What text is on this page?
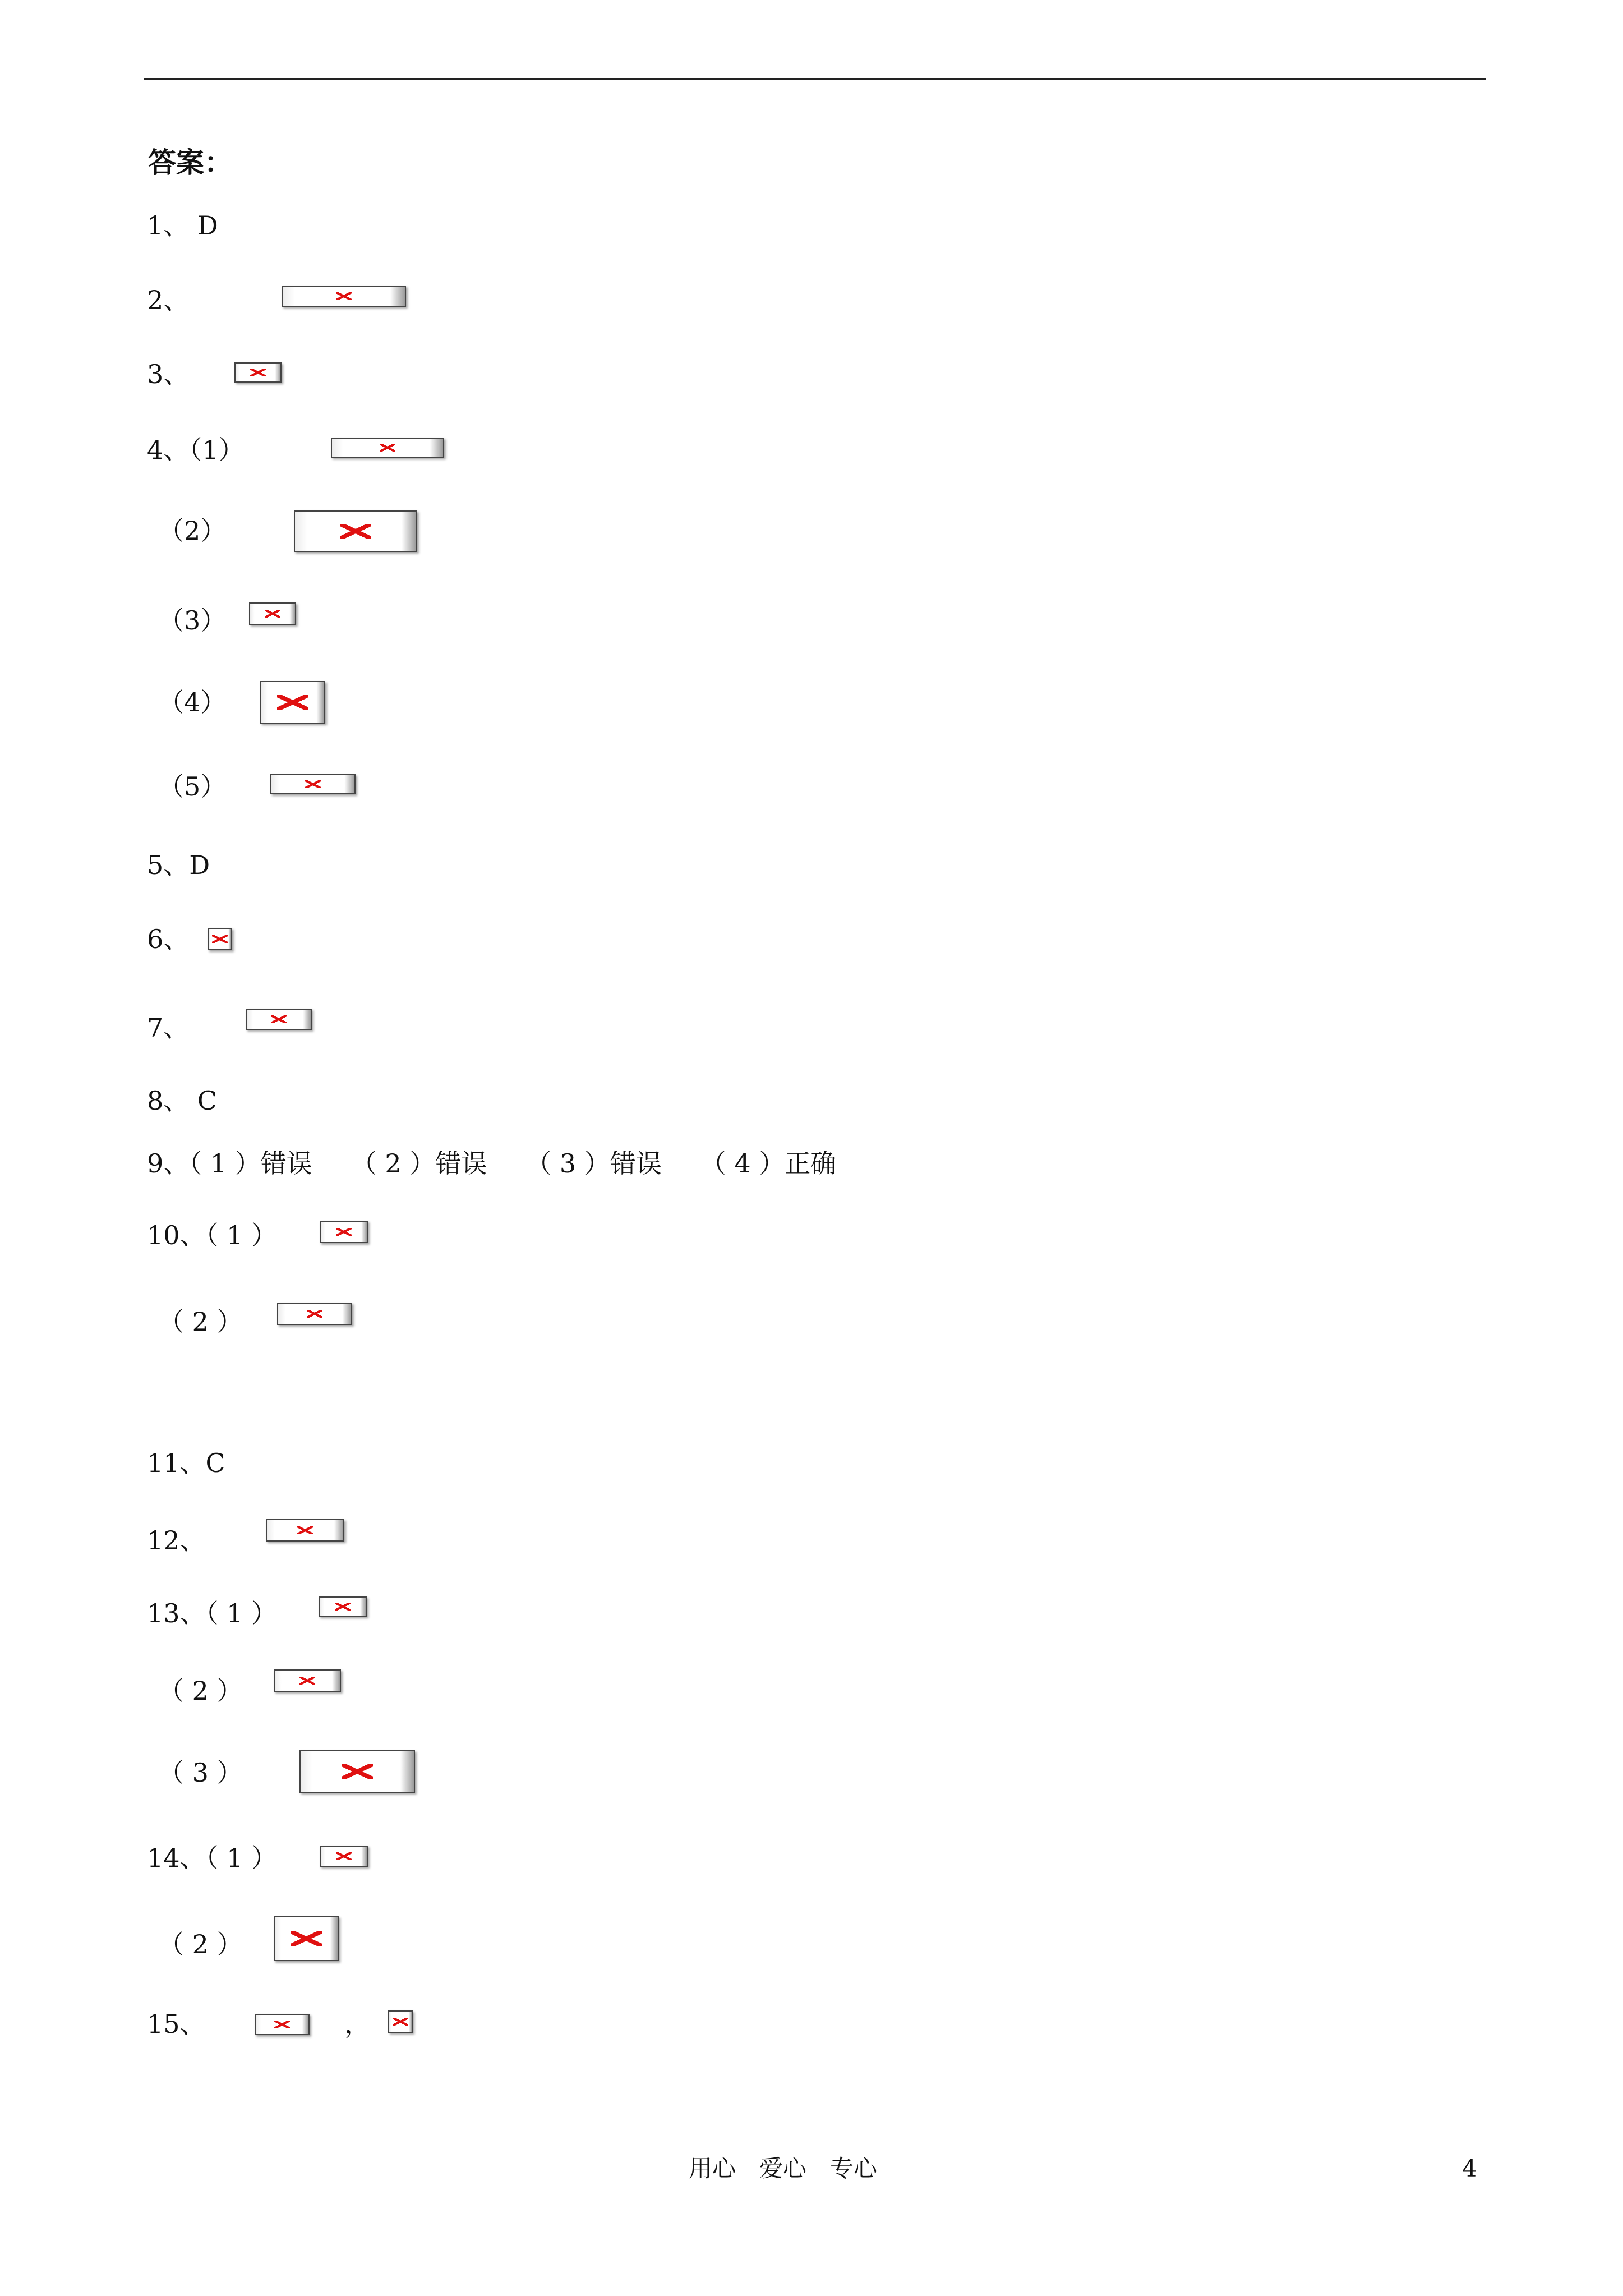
答案：
1、 D
2、
3、
4、（1）
（2）
（3）
（4）
（5）
5、D
6、
7、
8、 C
9、（ 1 ）错误　　（ 2 ）错误　　（ 3 ）错误　　（ 4 ）正确
10、（ 1 ）
（ 2 ）
11、C
12、
13、（ 1 ）
（ 2 ）
（ 3 ）
14、（ 1 ）
（ 2 ）
15、	，
用心　爱心　专心	4
